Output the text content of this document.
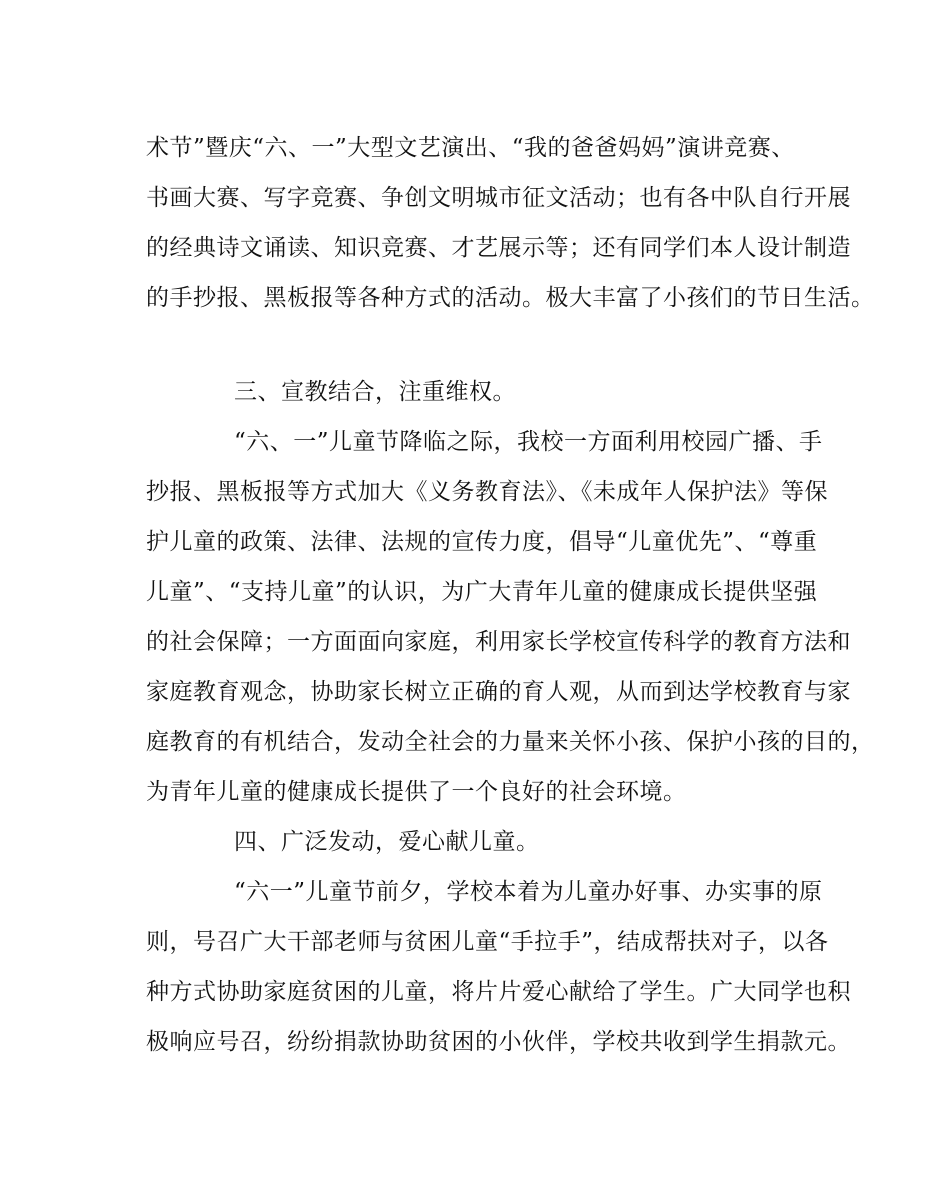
术节”暨庆“六、一”大型文艺演出、“我的爸爸妈妈”演讲竞赛、
书画大赛、写字竞赛、争创文明城市征文活动；也有各中队自行开展
的经典诗文诵读、知识竞赛、才艺展示等；还有同学们本人设计制造
的手抄报、黑板报等各种方式的活动。极大丰富了小孩们的节日生活。
三、宣教结合，注重维权。
“六、一”儿童节降临之际，我校一方面利用校园广播、手
抄报、黑板报等方式加大《义务教育法》、《未成年人保护法》等保
护儿童的政策、法律、法规的宣传力度，倡导“儿童优先”、“尊重
儿童”、“支持儿童”的认识，为广大青年儿童的健康成长提供坚强
的社会保障；一方面面向家庭，利用家长学校宣传科学的教育方法和
家庭教育观念，协助家长树立正确的育人观，从而到达学校教育与家
庭教育的有机结合，发动全社会的力量来关怀小孩、保护小孩的目的，
为青年儿童的健康成长提供了一个良好的社会环境。
四、广泛发动，爱心献儿童。
“六一”儿童节前夕，学校本着为儿童办好事、办实事的原
则，号召广大干部老师与贫困儿童“手拉手”，结成帮扶对子，以各
种方式协助家庭贫困的儿童，将片片爱心献给了学生。广大同学也积
极响应号召，纷纷捐款协助贫困的小伙伴，学校共收到学生捐款元。
